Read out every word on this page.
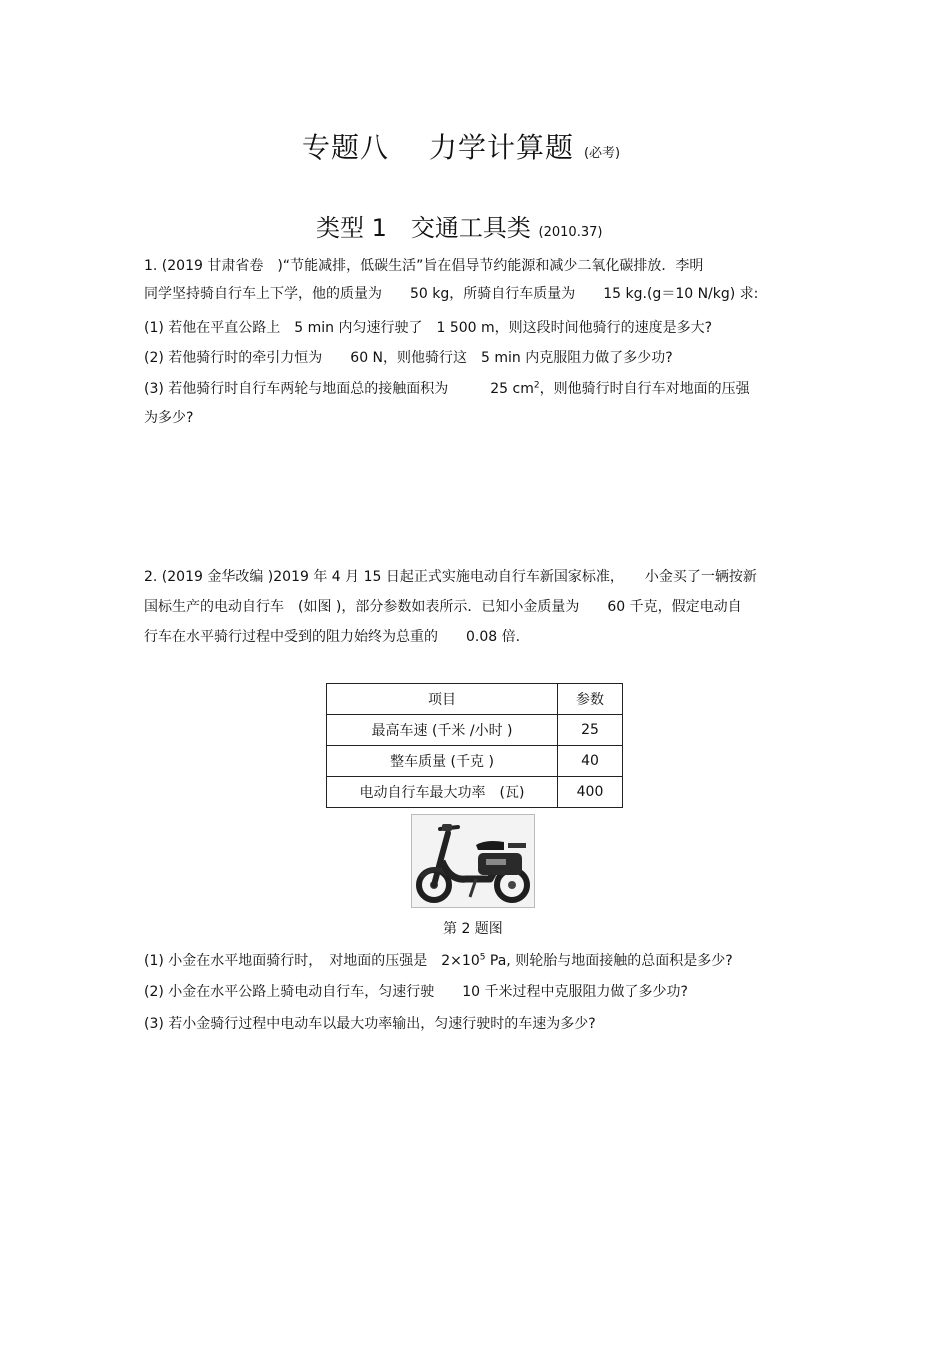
专题八 力学计算题 (必考)
类型 1　交通工具类 (2010.37)
1. (2019 甘肃省卷　)“节能减排，低碳生活”旨在倡导节约能源和减少二氧化碳排放．李明
同学坚持骑自行车上下学，他的质量为　　50 kg，所骑自行车质量为　　15 kg.(g＝10 N/kg) 求:
(1) 若他在平直公路上　5 min 内匀速行驶了　1 500 m，则这段时间他骑行的速度是多大?
(2) 若他骑行时的牵引力恒为　　60 N，则他骑行这　5 min 内克服阻力做了多少功?
(3) 若他骑行时自行车两轮与地面总的接触面积为　　　25 $cm^2$，则他骑行时自行车对地面的压强
为多少?
2. (2019 金华改编 )2019 年 4 月 15 日起正式实施电动自行车新国家标准，　　小金买了一辆按新
国标生产的电动自行车　(如图 )，部分参数如表所示．已知小金质量为　　60 千克，假定电动自
行车在水平骑行过程中受到的阻力始终为总重的　　0.08 倍.
项目	参数
最高车速 (千米 /小时 )	25
整车质量 (千克 )	40
电动自行车最大功率　(瓦)	400
第 2 题图
(1) 小金在水平地面骑行时，　对地面的压强是　$2\times 10^5$ Pa, 则轮胎与地面接触的总面积是多少?
(2) 小金在水平公路上骑电动自行车，匀速行驶　　10 千米过程中克服阻力做了多少功?
(3) 若小金骑行过程中电动车以最大功率输出，匀速行驶时的车速为多少?
